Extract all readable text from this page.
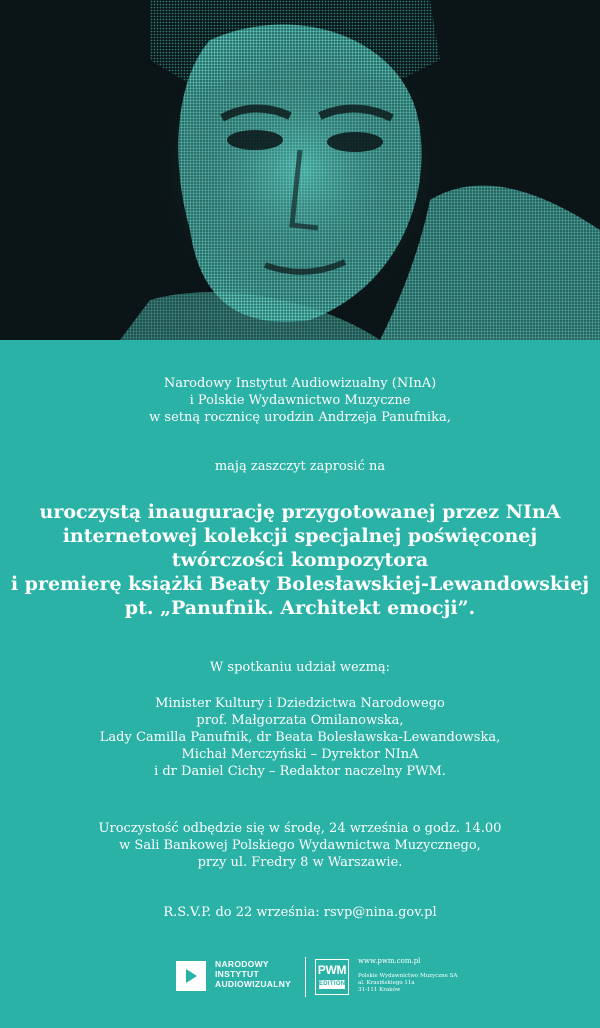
Narodowy Instytut Audiowizualny (NInA)
i Polskie Wydawnictwo Muzyczne
w setną rocznicę urodzin Andrzeja Panufnika,
mają zaszczyt zaprosić na
uroczystą inaugurację przygotowanej przez NInA
internetowej kolekcji specjalnej poświęconej
twórczości kompozytora
i premierę książki Beaty Bolesławskiej-Lewandowskiej
pt. „Panufnik. Architekt emocji”.
W spotkaniu udział wezmą:
Minister Kultury i Dziedzictwa Narodowego
prof. Małgorzata Omilanowska,
Lady Camilla Panufnik, dr Beata Bolesławska-Lewandowska,
Michał Merczyński – Dyrektor NInA
i dr Daniel Cichy – Redaktor naczelny PWM.
Uroczystość odbędzie się w środę, 24 września o godz. 14.00
w Sali Bankowej Polskiego Wydawnictwa Muzycznego,
przy ul. Fredry 8 w Warszawie.
R.S.V.P. do 22 września: rsvp@nina.gov.pl
NARODOWY
INSTYTUT
AUDIOWIZUALNY
PWM
EDITION
www.pwm.com.pl
Polskie Wydawnictwo Muzyczne SA
al. Krasińskiego 11a
31-111 Kraków
